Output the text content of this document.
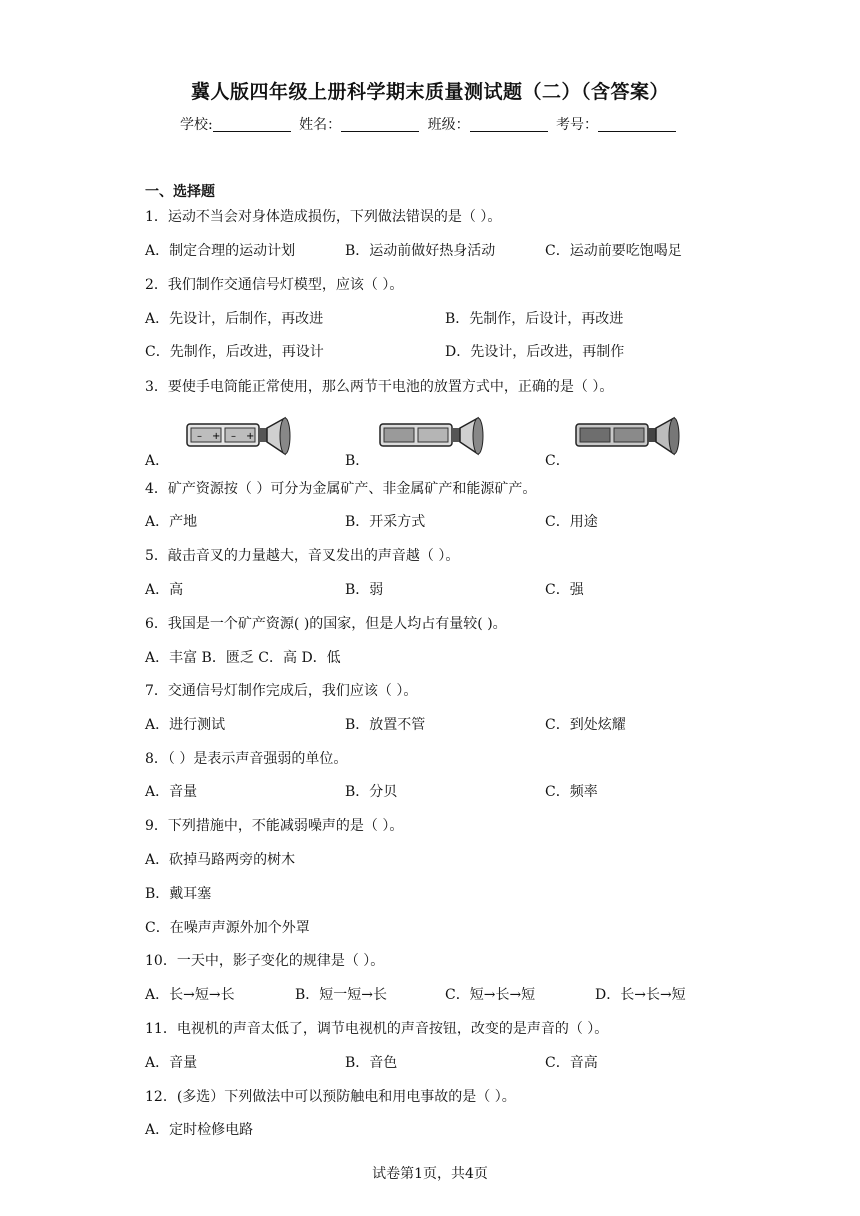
冀人版四年级上册科学期末质量测试题（二）（含答案）
学校:	姓名：	班级：	考号：
一、选择题
1．运动不当会对身体造成损伤，下列做法错误的是（ ）。
A．制定合理的运动计划	B．运动前做好热身活动	C．运动前要吃饱喝足
2．我们制作交通信号灯模型，应该（ ）。
A．先设计，后制作，再改进	B．先制作，后设计，再改进
C．先制作，后改进，再设计	D．先设计，后改进，再制作
3．要使手电筒能正常使用，那么两节干电池的放置方式中，正确的是（ ）。
A．	B．	C．
– + – +
4．矿产资源按（ ）可分为金属矿产、非金属矿产和能源矿产。
A．产地	B．开采方式	C．用途
5．敲击音叉的力量越大，音叉发出的声音越（ ）。
A．高	B．弱	C．强
6．我国是一个矿产资源( )的国家，但是人均占有量较( )。
A．丰富 B．匮乏 C．高 D．低
7．交通信号灯制作完成后，我们应该（ ）。
A．进行测试	B．放置不管	C．到处炫耀
8．（ ）是表示声音强弱的单位。
A．音量	B．分贝	C．频率
9．下列措施中，不能减弱噪声的是（ ）。
A．砍掉马路两旁的树木
B．戴耳塞
C．在噪声声源外加个外罩
10．一天中，影子变化的规律是（ ）。
A．长→短→长	B．短一短→长	C．短→长→短	D．长→长→短
11．电视机的声音太低了，调节电视机的声音按钮，改变的是声音的（ ）。
A．音量	B．音色	C．音高
12．(多选）下列做法中可以预防触电和用电事故的是（ ）。
A．定时检修电路
试卷第1页，共4页
